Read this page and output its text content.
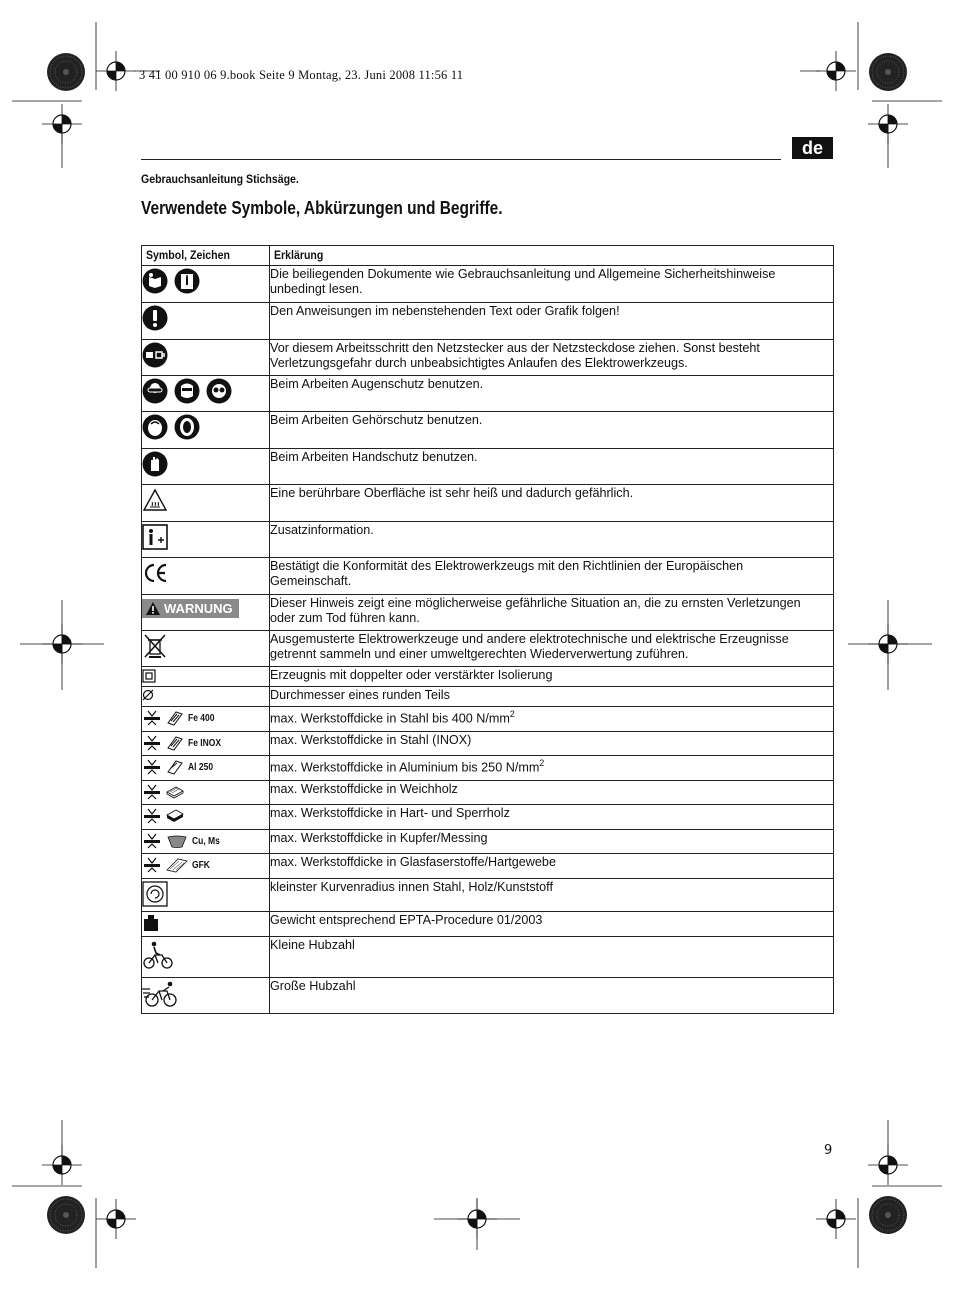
3 41 00 910 06 9.book Seite 9 Montag, 23. Juni 2008 11:56 11
de
Gebrauchsanleitung Stichsäge.
Verwendete Symbole, Abkürzungen und Begriffe.
Symbol, Zeichen	Erklärung

Die beiliegenden Dokumente wie Gebrauchsanleitung und Allgemeine Sicherheitshinweise unbedingt lesen.

Den Anweisungen im nebenstehenden Text oder Grafik folgen!

Vor diesem Arbeitsschritt den Netzstecker aus der Netzsteckdose ziehen. Sonst besteht Verletzungsgefahr durch unbeabsichtigtes Anlaufen des Elektrowerkzeugs.

Beim Arbeiten Augenschutz benutzen.

Beim Arbeiten Gehörschutz benutzen.

Beim Arbeiten Handschutz benutzen.

Eine berührbare Oberfläche ist sehr heiß und dadurch gefährlich.

Zusatzinformation.

Bestätigt die Konformität des Elektrowerkzeugs mit den Richtlinien der Europäischen Gemeinschaft.

WARNUNG	Dieser Hinweis zeigt eine möglicherweise gefährliche Situation an, die zu ernsten Verletzungen oder zum Tod führen kann.

Ausgemusterte Elektrowerkzeuge und andere elektrotechnische und elektrische Erzeugnisse getrennt sammeln und einer umweltgerechten Wiederverwertung zuführen.

Erzeugnis mit doppelter oder verstärkter Isolierung

Durchmesser eines runden Teils

Fe 400	max. Werkstoffdicke in Stahl bis 400 $N/mm^2$

Fe INOX	max. Werkstoffdicke in Stahl (INOX)

Al 250	max. Werkstoffdicke in Aluminium bis 250 $N/mm^2$

max. Werkstoffdicke in Weichholz

max. Werkstoffdicke in Hart- und Sperrholz

Cu, Ms	max. Werkstoffdicke in Kupfer/Messing

GFK	max. Werkstoffdicke in Glasfaserstoffe/Hartgewebe

kleinster Kurvenradius innen Stahl, Holz/Kunststoff

Gewicht entsprechend EPTA-Procedure 01/2003

Kleine Hubzahl

Große Hubzahl
9
